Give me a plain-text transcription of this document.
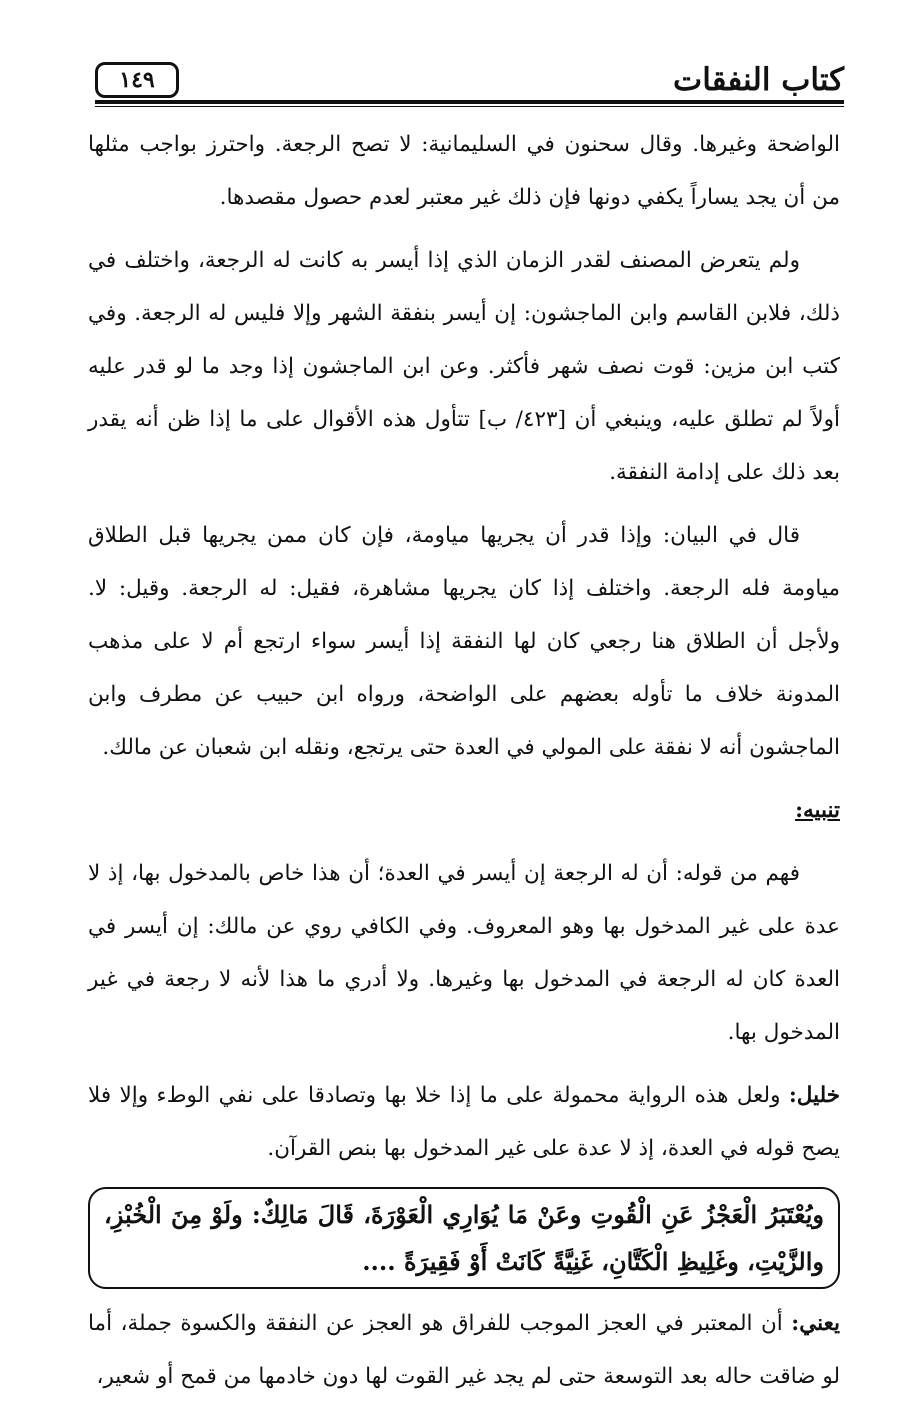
كتاب النفقات
١٤٩

الواضحة وغيرها. وقال سحنون في السليمانية: لا تصح الرجعة. واحترز بواجب مثلها من أن يجد يساراً يكفي دونها فإن ذلك غير معتبر لعدم حصول مقصدها.

ولم يتعرض المصنف لقدر الزمان الذي إذا أيسر به كانت له الرجعة، واختلف في ذلك، فلابن القاسم وابن الماجشون: إن أيسر بنفقة الشهر وإلا فليس له الرجعة. وفي كتب ابن مزين: قوت نصف شهر فأكثر. وعن ابن الماجشون إذا وجد ما لو قدر عليه أولاً لم تطلق عليه، وينبغي أن [٤٢٣/ ب] تتأول هذه الأقوال على ما إذا ظن أنه يقدر بعد ذلك على إدامة النفقة.

قال في البيان: وإذا قدر أن يجريها مياومة، فإن كان ممن يجريها قبل الطلاق مياومة فله الرجعة. واختلف إذا كان يجريها مشاهرة، فقيل: له الرجعة. وقيل: لا. ولأجل أن الطلاق هنا رجعي كان لها النفقة إذا أيسر سواء ارتجع أم لا على مذهب المدونة خلاف ما تأوله بعضهم على الواضحة، ورواه ابن حبيب عن مطرف وابن الماجشون أنه لا نفقة على المولي في العدة حتى يرتجع، ونقله ابن شعبان عن مالك.

تنبيه:

فهم من قوله: أن له الرجعة إن أيسر في العدة؛ أن هذا خاص بالمدخول بها، إذ لا عدة على غير المدخول بها وهو المعروف. وفي الكافي روي عن مالك: إن أيسر في العدة كان له الرجعة في المدخول بها وغيرها. ولا أدري ما هذا لأنه لا رجعة في غير المدخول بها.

خليل: ولعل هذه الرواية محمولة على ما إذا خلا بها وتصادقا على نفي الوطء وإلا فلا يصح قوله في العدة، إذ لا عدة على غير المدخول بها بنص القرآن.

ويُعْتَبَرُ الْعَجْزُ عَنِ الْقُوتِ وعَنْ مَا يُوَارِي الْعَوْرَةَ، قَالَ مَالِكٌ: ولَوْ مِنَ الْخُبْزِ، والزَّيْتِ، وغَلِيظِ الْكَتَّانِ، غَنِيَّةً كَانَتْ أَوْ فَقِيرَةً ....

يعني: أن المعتبر في العجز الموجب للفراق هو العجز عن النفقة والكسوة جملة، أما لو ضاقت حاله بعد التوسعة حتى لم يجد غير القوت لها دون خادمها من قمح أو شعير،
